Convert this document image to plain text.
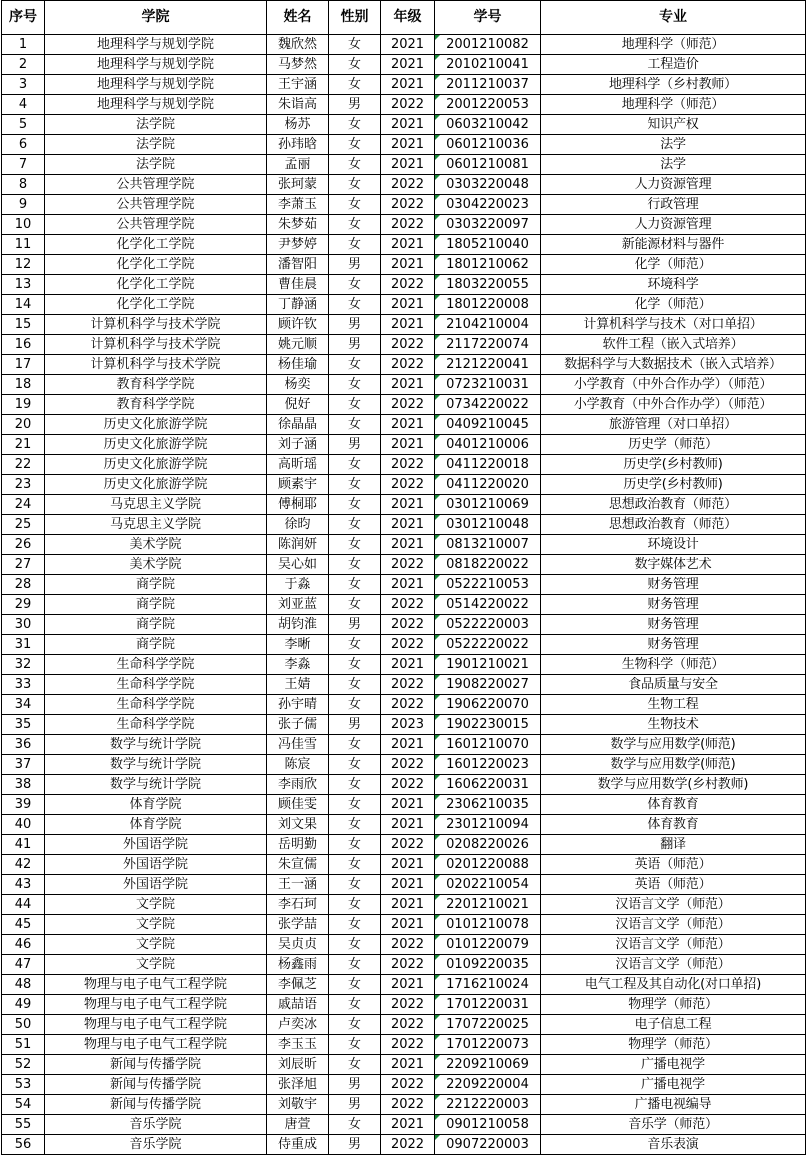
序号	学院	姓名	性别	年级	学号	专业
1	地理科学与规划学院	魏欣然	女	2021	2001210082	地理科学（师范）
2	地理科学与规划学院	马梦然	女	2021	2010210041	工程造价
3	地理科学与规划学院	王宇涵	女	2021	2011210037	地理科学（乡村教师）
4	地理科学与规划学院	朱诣高	男	2022	2001220053	地理科学（师范）
5	法学院	杨苏	女	2021	0603210042	知识产权
6	法学院	孙玮晗	女	2021	0601210036	法学
7	法学院	孟丽	女	2021	0601210081	法学
8	公共管理学院	张珂蒙	女	2022	0303220048	人力资源管理
9	公共管理学院	李萧玉	女	2022	0304220023	行政管理
10	公共管理学院	朱梦茹	女	2022	0303220097	人力资源管理
11	化学化工学院	尹梦婷	女	2021	1805210040	新能源材料与器件
12	化学化工学院	潘智阳	男	2021	1801210062	化学（师范）
13	化学化工学院	曹佳晨	女	2022	1803220055	环境科学
14	化学化工学院	丁静涵	女	2021	1801220008	化学（师范）
15	计算机科学与技术学院	顾许钦	男	2021	2104210004	计算机科学与技术（对口单招）
16	计算机科学与技术学院	姚元顺	男	2022	2117220074	软件工程（嵌入式培养）
17	计算机科学与技术学院	杨佳瑜	女	2022	2121220041	数据科学与大数据技术（嵌入式培养）
18	教育科学学院	杨奕	女	2021	0723210031	小学教育（中外合作办学）（师范）
19	教育科学学院	倪好	女	2022	0734220022	小学教育（中外合作办学）（师范）
20	历史文化旅游学院	徐晶晶	女	2021	0409210045	旅游管理（对口单招）
21	历史文化旅游学院	刘子涵	男	2021	0401210006	历史学（师范）
22	历史文化旅游学院	高昕瑶	女	2022	0411220018	历史学(乡村教师)
23	历史文化旅游学院	顾素宇	女	2022	0411220020	历史学(乡村教师)
24	马克思主义学院	傅桐耶	女	2021	0301210069	思想政治教育（师范）
25	马克思主义学院	徐昀	女	2021	0301210048	思想政治教育（师范）
26	美术学院	陈润妍	女	2021	0813210007	环境设计
27	美术学院	吴心如	女	2022	0818220022	数字媒体艺术
28	商学院	于淼	女	2021	0522210053	财务管理
29	商学院	刘亚蓝	女	2022	0514220022	财务管理
30	商学院	胡钧淮	男	2022	0522220003	财务管理
31	商学院	李晰	女	2022	0522220022	财务管理
32	生命科学学院	李淼	女	2021	1901210021	生物科学（师范）
33	生命科学学院	王婧	女	2022	1908220027	食品质量与安全
34	生命科学学院	孙宇晴	女	2022	1906220070	生物工程
35	生命科学学院	张子儒	男	2023	1902230015	生物技术
36	数学与统计学院	冯佳雪	女	2021	1601210070	数学与应用数学(师范)
37	数学与统计学院	陈宸	女	2022	1601220023	数学与应用数学(师范)
38	数学与统计学院	李雨欣	女	2022	1606220031	数学与应用数学(乡村教师)
39	体育学院	顾佳雯	女	2021	2306210035	体育教育
40	体育学院	刘文果	女	2021	2301210094	体育教育
41	外国语学院	岳明勤	女	2022	0208220026	翻译
42	外国语学院	朱宣儒	女	2021	0201220088	英语（师范）
43	外国语学院	王一涵	女	2021	0202210054	英语（师范）
44	文学院	李石珂	女	2021	2201210021	汉语言文学（师范）
45	文学院	张学喆	女	2021	0101210078	汉语言文学（师范）
46	文学院	吴贞贞	女	2022	0101220079	汉语言文学（师范）
47	文学院	杨鑫雨	女	2022	0109220035	汉语言文学（师范）
48	物理与电子电气工程学院	李佩芝	女	2021	1716210024	电气工程及其自动化(对口单招)
49	物理与电子电气工程学院	戚喆语	女	2022	1701220031	物理学（师范）
50	物理与电子电气工程学院	卢奕冰	女	2022	1707220025	电子信息工程
51	物理与电子电气工程学院	李玉玉	女	2022	1701220073	物理学（师范）
52	新闻与传播学院	刘辰昕	女	2021	2209210069	广播电视学
53	新闻与传播学院	张泽旭	男	2022	2209220004	广播电视学
54	新闻与传播学院	刘敬宇	男	2022	2212220003	广播电视编导
55	音乐学院	唐萱	女	2021	0901210058	音乐学（师范）
56	音乐学院	侍重成	男	2022	0907220003	音乐表演
